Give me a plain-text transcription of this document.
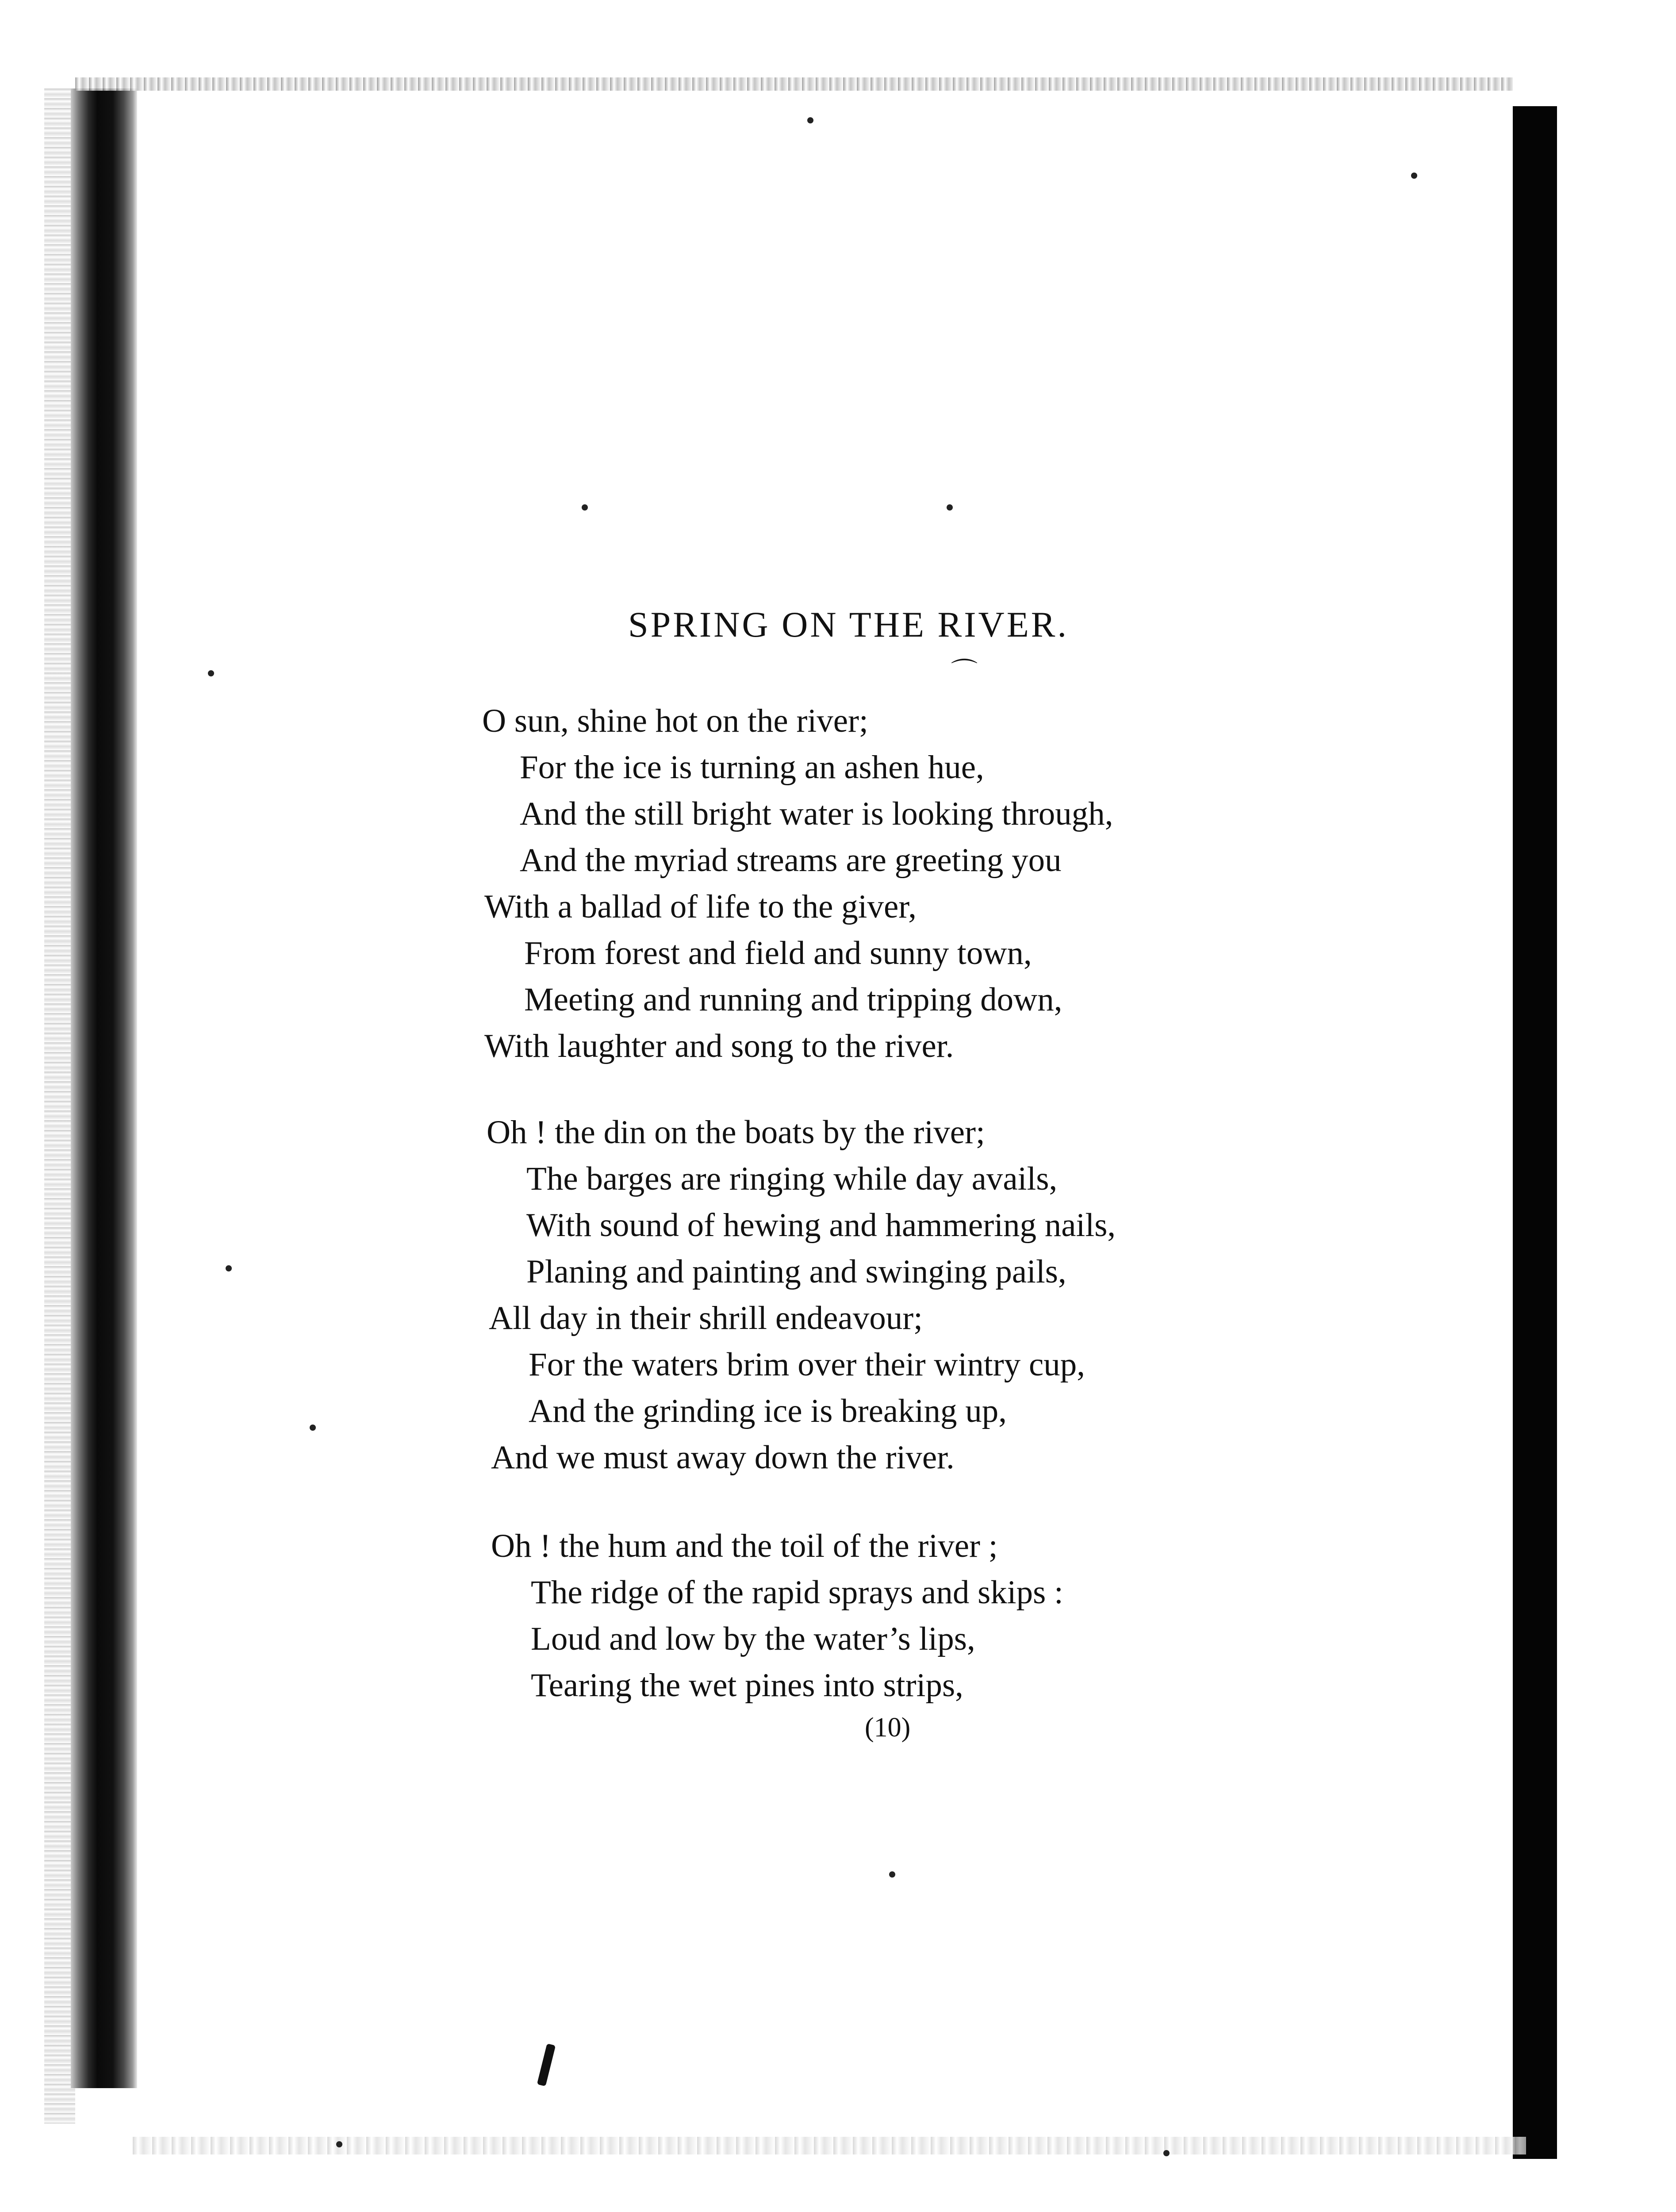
SPRING ON THE RIVER.
⌒
O sun, shine hot on the river;
For the ice is turning an ashen hue,
And the still bright water is looking through,
And the myriad streams are greeting you
With a ballad of life to the giver,
From forest and field and sunny town,
Meeting and running and tripping down,
With laughter and song to the river.
Oh ! the din on the boats by the river;
The barges are ringing while day avails,
With sound of hewing and hammering nails,
Planing and painting and swinging pails,
All day in their shrill endeavour;
For the waters brim over their wintry cup,
And the grinding ice is breaking up,
And we must away down the river.
Oh ! the hum and the toil of the river ;
The ridge of the rapid sprays and skips :
Loud and low by the water’s lips,
Tearing the wet pines into strips,
(10)
